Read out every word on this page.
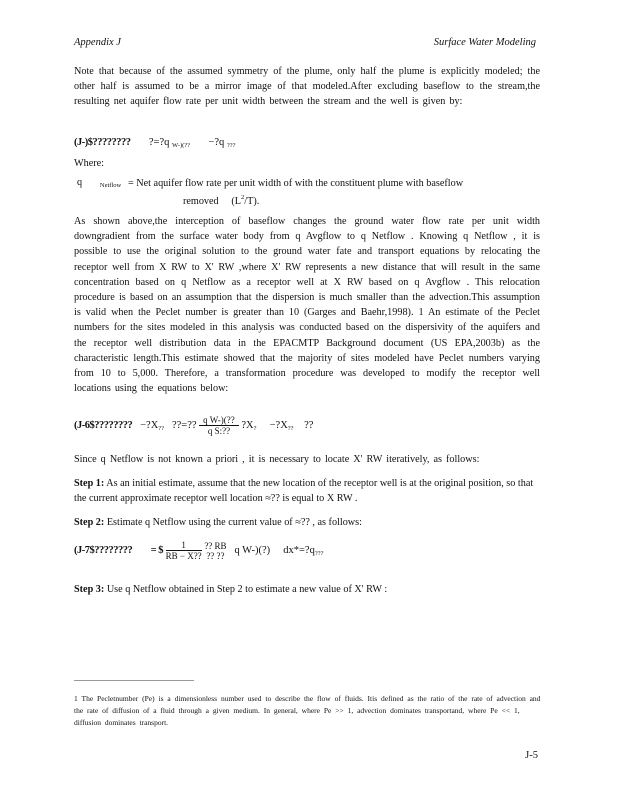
Appendix J	Surface Water Modeling
Note that because of the assumed symmetry of the plume, only half the plume is explicitly modeled; the other half is assumed to be a mirror image of that modeled.After excluding baseflow to the stream,the resulting net aquifer flow rate per unit width between the stream and the well is given by:
(J-)$???????? ?=?q $_{W-)(??}$ −?q $_{???}$
Where:
q	$_{Netflow}$ = Net aquifer flow rate per unit width of with the constituent plume with baseflow
removed $(L^2/T)$.
As shown above,the interception of baseflow changes the ground water flow rate per unit width downgradient from the surface water body from q Avgflow to q Netflow . Knowing q Netflow , it is possible to use the original solution to the ground water fate and transport equations by relocating the receptor well from X RW to X' RW ,where X' RW represents a new distance that will result in the same concentration based on q Netflow as a receptor well at X RW based on q Avgflow . This relocation procedure is based on an assumption that the dispersion is much smaller than the advection.This assumption is valid when the Peclet number is greater than 10 (Garges and Baehr,1998). 1 An estimate of the Peclet numbers for the sites modeled in this analysis was conducted based on the dispersivity of the aquifers and the receptor well distribution data in the EPACMTP Background document (US EPA,2003b) as the characteristic length.This estimate showed that the majority of sites modeled have Peclet numbers varying from 10 to 5,000. Therefore, a transformation procedure was developed to modify the receptor well locations using the equations below:
(J-6$???????? $-?X_{??}$ ??=?? $\frac{\text{q W-)(??}}{\text{q S:??}}$ $?X_?$ $-?X_{??}$ ??
Since q Netflow is not known a priori , it is necessary to locate X' RW iteratively, as follows:
Step 1: As an initial estimate, assume that the new location of the receptor well is at the original position, so that the current approximate receptor well location ≈?? is equal to X RW .
Step 2: Estimate q Netflow using the current value of ≈?? , as follows:
(J-7$???????? = $ $\frac{1}{RB - X??}$
?? RB
?? ?? q W-)(?) $dx*=?q_{???}$
Step 3: Use q Netflow obtained in Step 2 to estimate a new value of X' RW :
1 The Pecletnumber (Pe) is a dimensionless number used to describe the flow of fluids. Itis defined as the ratio of the rate of advection and the rate of diffusion of a fluid through a given medium. In general, where Pe >> 1, advection dominates transportand, where Pe << 1, diffusion dominates transport.
J-5
